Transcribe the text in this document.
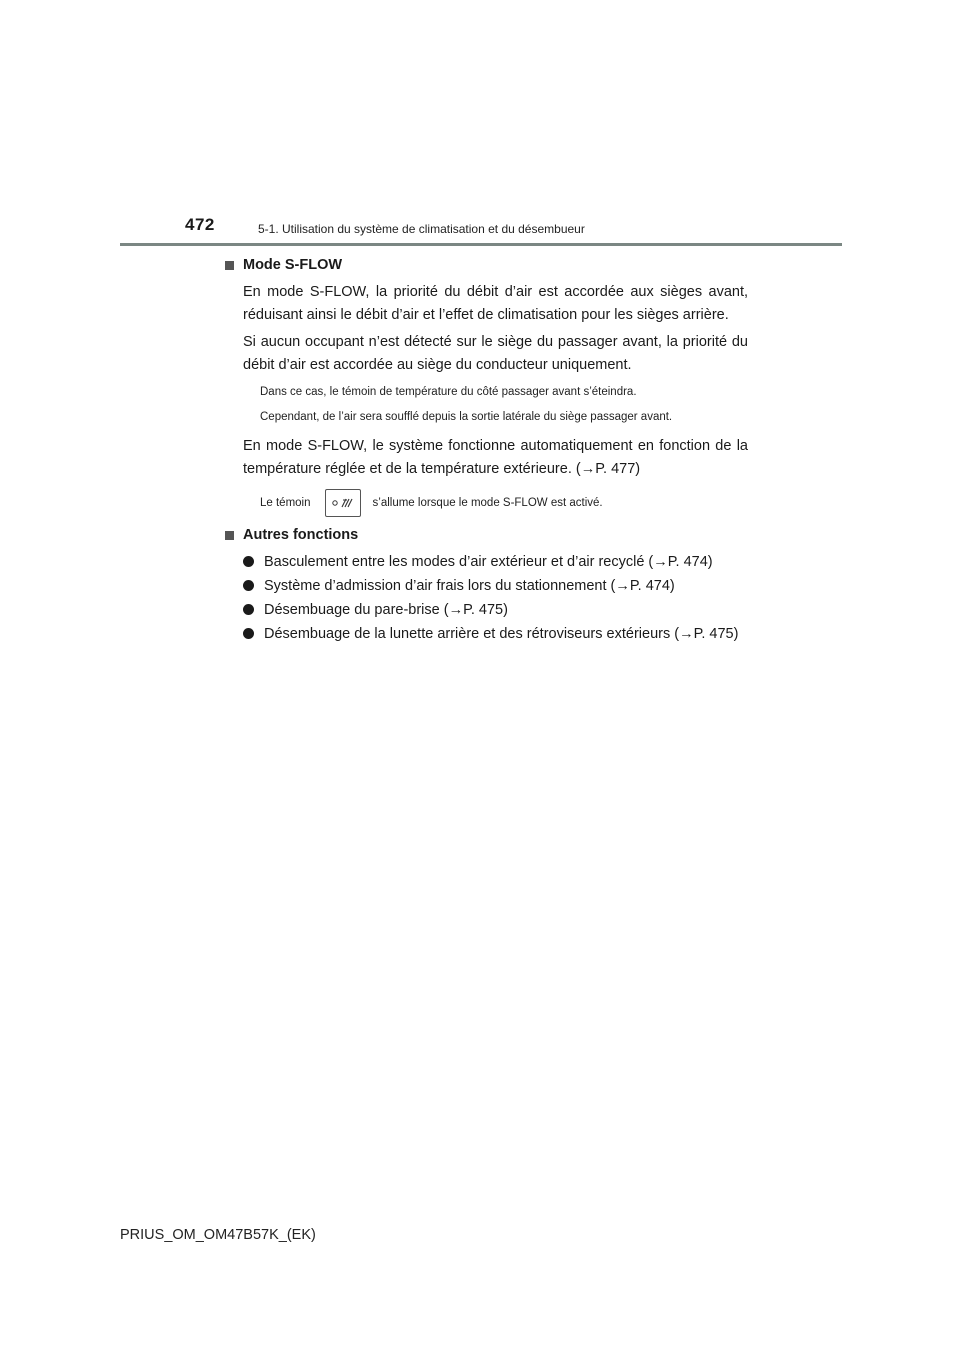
472	5-1. Utilisation du système de climatisation et du désembueur
Mode S-FLOW

En mode S-FLOW, la priorité du débit d’air est accordée aux sièges avant, réduisant ainsi le débit d’air et l’effet de climatisation pour les sièges arrière.

Si aucun occupant n’est détecté sur le siège du passager avant, la priorité du débit d’air est accordée au siège du conducteur uniquement.

Dans ce cas, le témoin de température du côté passager avant s’éteindra.

Cependant, de l’air sera soufflé depuis la sortie latérale du siège passager avant.

En mode S-FLOW, le système fonctionne automatiquement en fonction de la température réglée et de la température extérieure. (→P. 477)

Le témoin	s’allume lorsque le mode S-FLOW est activé.
Autres fonctions
Basculement entre les modes d’air extérieur et d’air recyclé (→P. 474)
Système d’admission d’air frais lors du stationnement (→P. 474)
Désembuage du pare-brise (→P. 475)
Désembuage de la lunette arrière et des rétroviseurs extérieurs (→P. 475)
PRIUS_OM_OM47B57K_(EK)
